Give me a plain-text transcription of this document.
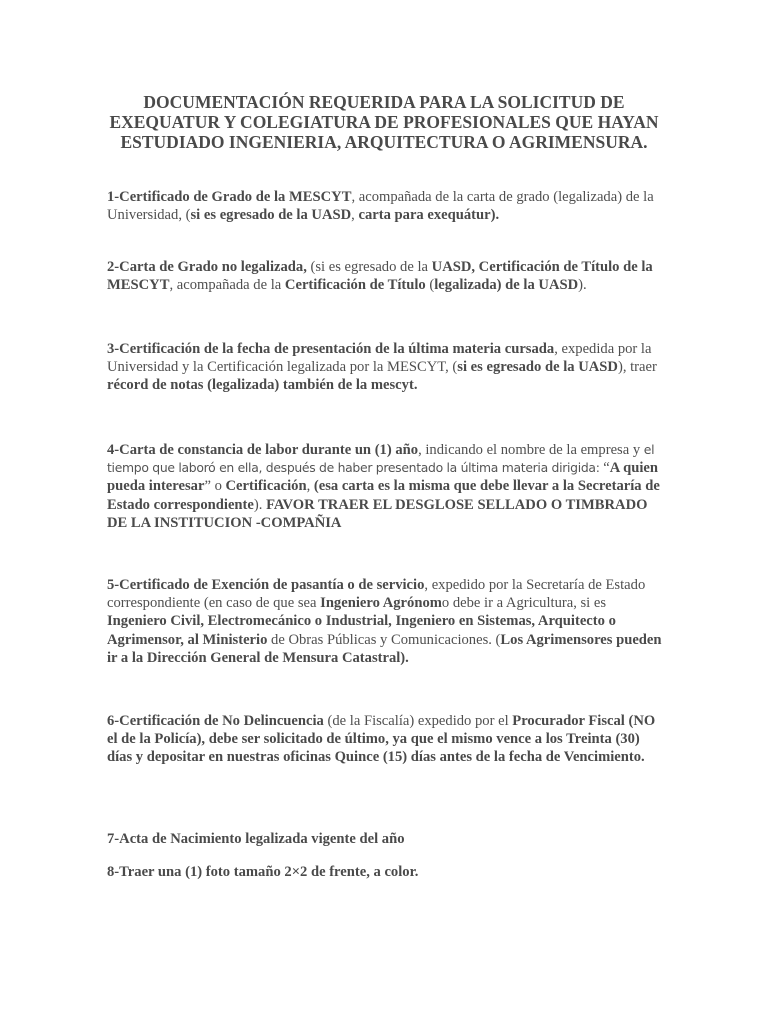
DOCUMENTACIÓN REQUERIDA PARA LA SOLICITUD DE EXEQUATUR Y COLEGIATURA DE PROFESIONALES QUE HAYAN ESTUDIADO INGENIERIA, ARQUITECTURA O AGRIMENSURA.

1-Certificado de Grado de la MESCYT, acompañada de la carta de grado (legalizada) de la Universidad, (si es egresado de la UASD, carta para exequátur).

2-Carta de Grado no legalizada, (si es egresado de la UASD, Certificación de Título de la MESCYT, acompañada de la Certificación de Título (legalizada) de la UASD).

3-Certificación de la fecha de presentación de la última materia cursada, expedida por la Universidad y la Certificación legalizada por la MESCYT, (si es egresado de la UASD), traer récord de notas (legalizada) también de la mescyt.

4-Carta de constancia de labor durante un (1) año, indicando el nombre de la empresa y el tiempo que laboró en ella, después de haber presentado la última materia dirigida: “A quien pueda interesar” o Certificación, (esa carta es la misma que debe llevar a la Secretaría de Estado correspondiente). FAVOR TRAER EL DESGLOSE SELLADO O TIMBRADO DE LA INSTITUCION -COMPAÑIA

5-Certificado de Exención de pasantía o de servicio, expedido por la Secretaría de Estado correspondiente (en caso de que sea Ingeniero Agrónomo debe ir a Agricultura, si es Ingeniero Civil, Electromecánico o Industrial, Ingeniero en Sistemas, Arquitecto o Agrimensor, al Ministerio de Obras Públicas y Comunicaciones. (Los Agrimensores pueden ir a la Dirección General de Mensura Catastral).

6-Certificación de No Delincuencia (de la Fiscalía) expedido por el Procurador Fiscal (NO el de la Policía), debe ser solicitado de último, ya que el mismo vence a los Treinta (30) días y depositar en nuestras oficinas Quince (15) días antes de la fecha de Vencimiento.

7-Acta de Nacimiento legalizada vigente del año

8-Traer una (1) foto tamaño 2×2 de frente, a color.
